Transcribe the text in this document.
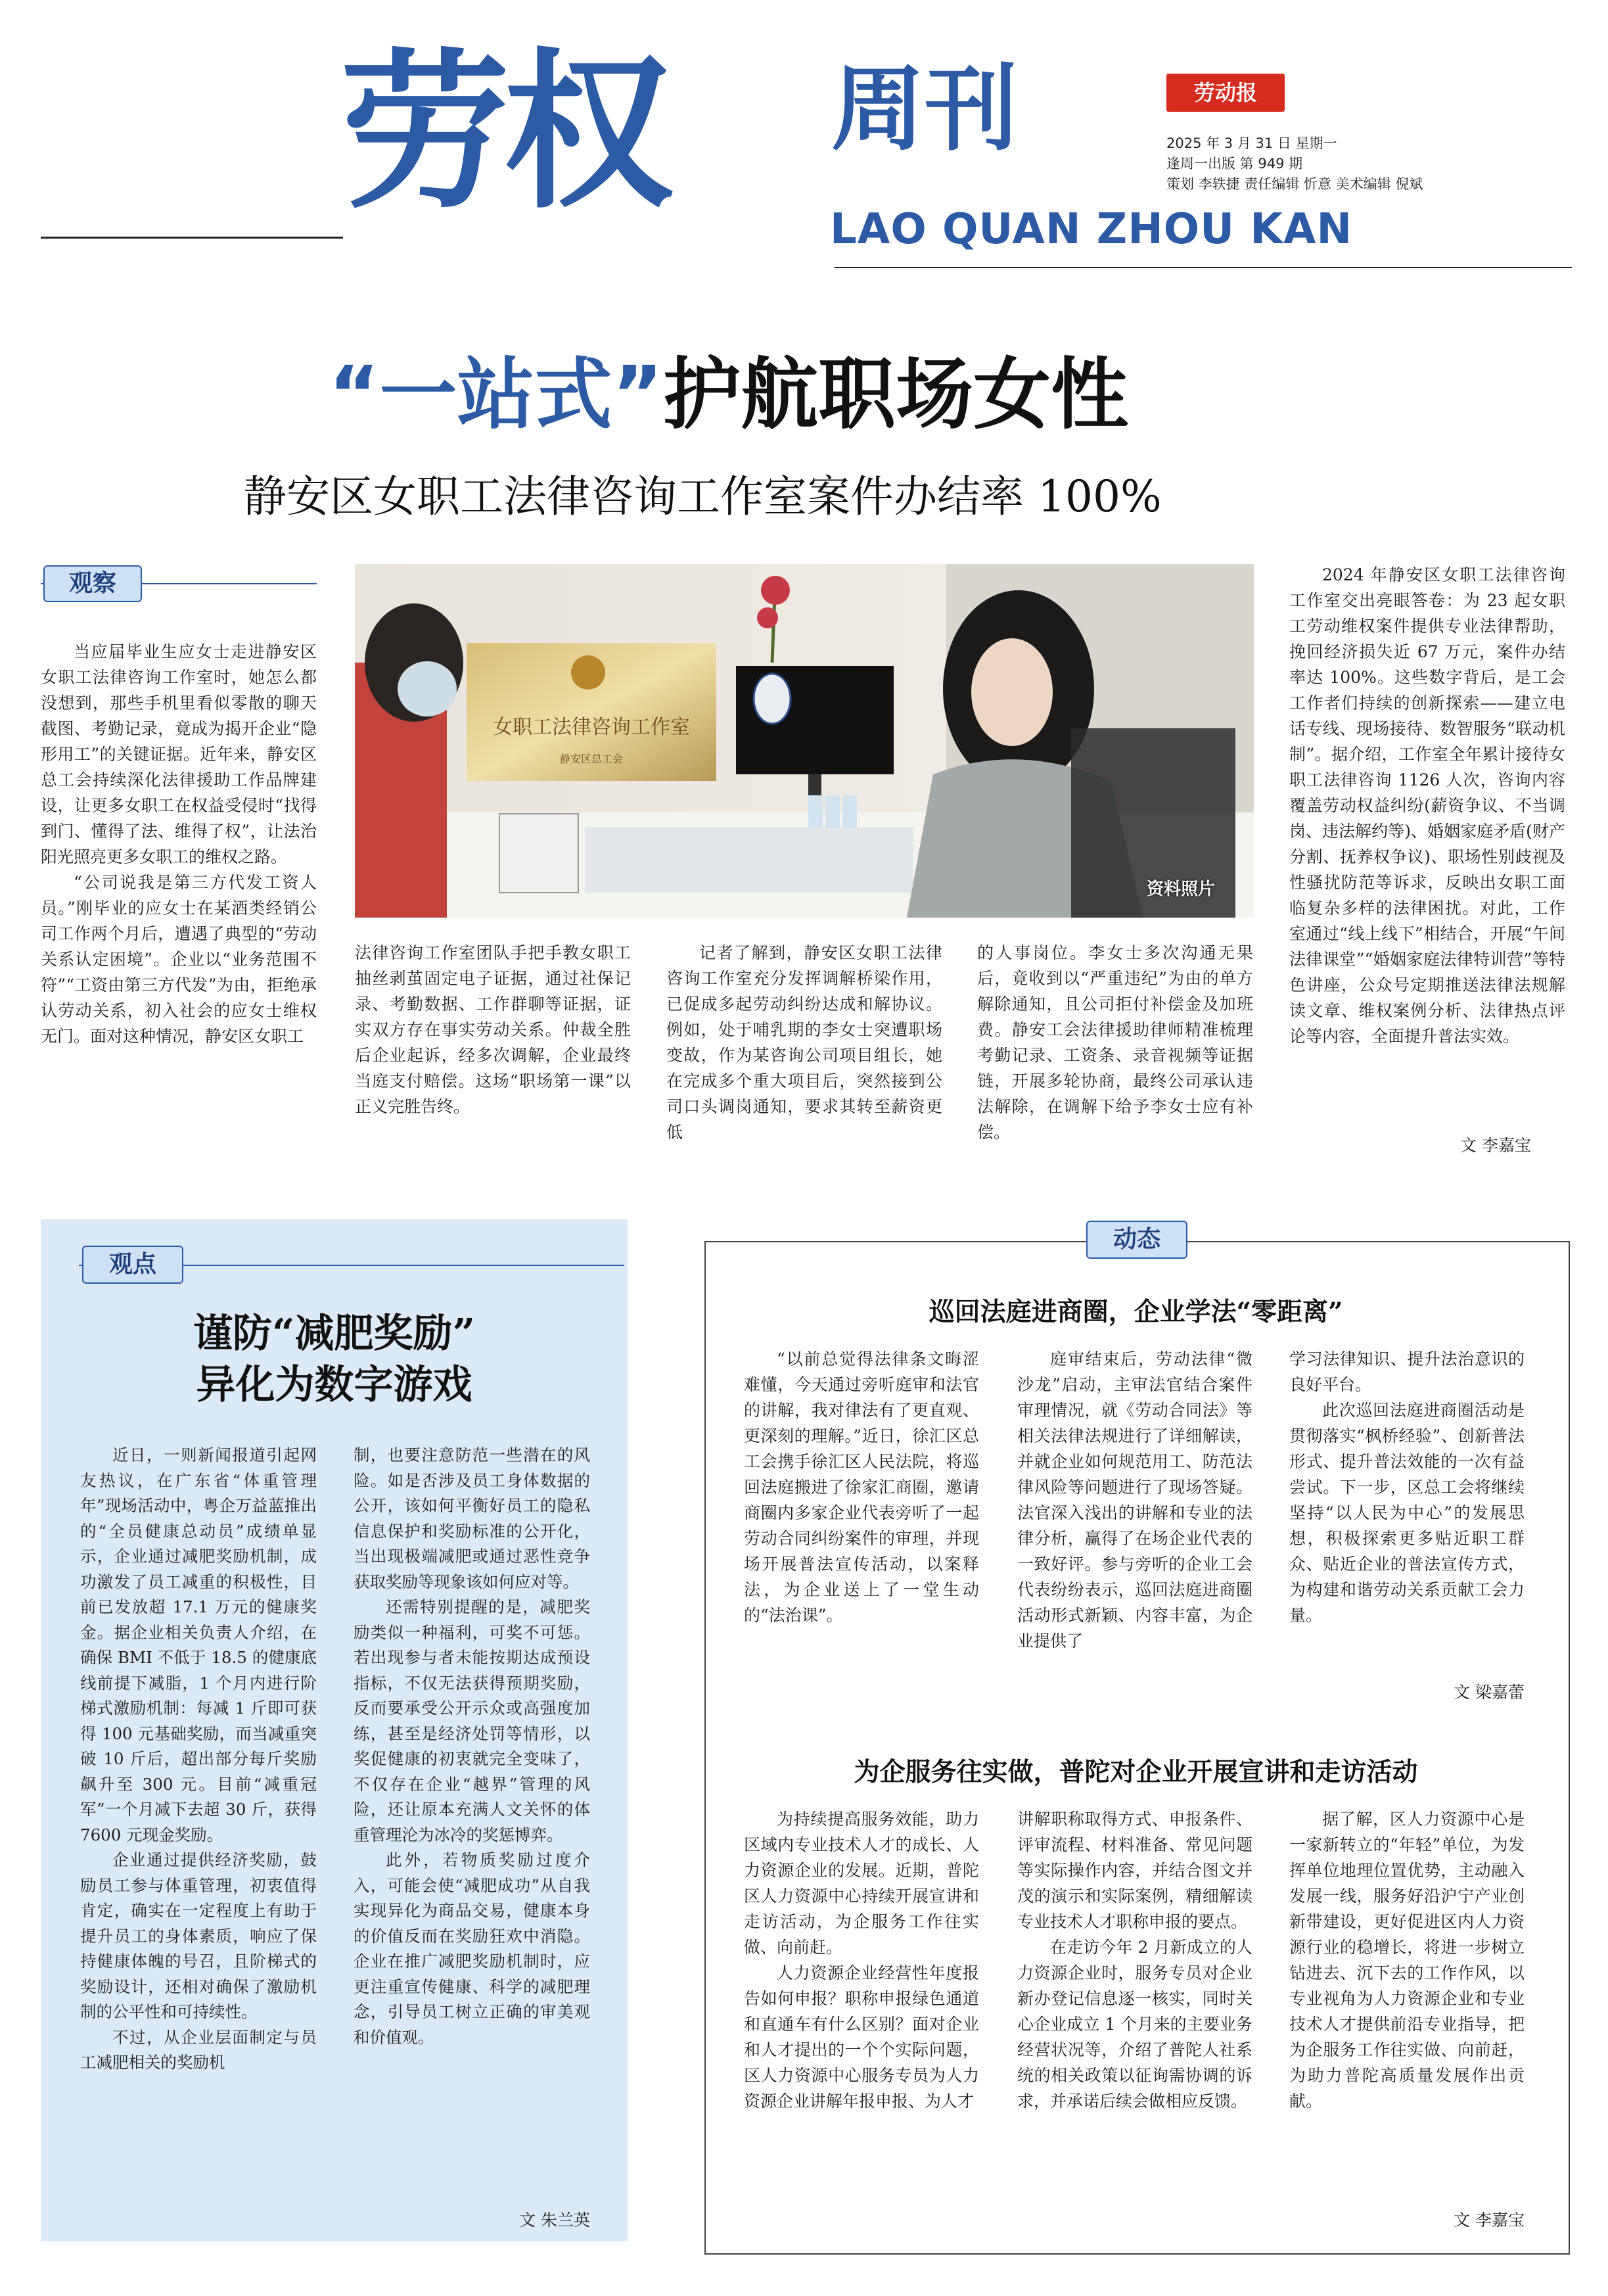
劳权	周刊
LAO QUAN ZHOU KAN
劳动报
2025 年 3 月 31 日 星期一
逢周一出版 第 949 期
策划 李轶捷 责任编辑 忻意 美术编辑 倪斌
“一站式”护航职场女性
静安区女职工法律咨询工作室案件办结率 100%
观察
女职工法律咨询工作室
静安区总工会
资料照片

当应届毕业生应女士走进静安区女职工法律咨询工作室时，她怎么都没想到，那些手机里看似零散的聊天截图、考勤记录，竟成为揭开企业“隐形用工”的关键证据。近年来，静安区总工会持续深化法律援助工作品牌建设，让更多女职工在权益受侵时“找得到门、懂得了法、维得了权”，让法治阳光照亮更多女职工的维权之路。

“公司说我是第三方代发工资人员。”刚毕业的应女士在某酒类经销公司工作两个月后，遭遇了典型的“劳动关系认定困境”。企业以“业务范围不符”“工资由第三方代发”为由，拒绝承认劳动关系，初入社会的应女士维权无门。面对这种情况，静安区女职工

法律咨询工作室团队手把手教女职工抽丝剥茧固定电子证据，通过社保记录、考勤数据、工作群聊等证据，证实双方存在事实劳动关系。仲裁全胜后企业起诉，经多次调解，企业最终当庭支付赔偿。这场“职场第一课”以正义完胜告终。

记者了解到，静安区女职工法律咨询工作室充分发挥调解桥梁作用，已促成多起劳动纠纷达成和解协议。例如，处于哺乳期的李女士突遭职场变故，作为某咨询公司项目组长，她在完成多个重大项目后，突然接到公司口头调岗通知，要求其转至薪资更低

的人事岗位。李女士多次沟通无果后，竟收到以“严重违纪”为由的单方解除通知，且公司拒付补偿金及加班费。静安工会法律援助律师精准梳理考勤记录、工资条、录音视频等证据链，开展多轮协商，最终公司承认违法解除，在调解下给予李女士应有补偿。

2024 年静安区女职工法律咨询工作室交出亮眼答卷：为 23 起女职工劳动维权案件提供专业法律帮助，挽回经济损失近 67 万元，案件办结率达 100%。这些数字背后，是工会工作者们持续的创新探索——建立电话专线、现场接待、数智服务“联动机制”。据介绍，工作室全年累计接待女职工法律咨询 1126 人次，咨询内容覆盖劳动权益纠纷(薪资争议、不当调岗、违法解约等)、婚姻家庭矛盾(财产分割、抚养权争议)、职场性别歧视及性骚扰防范等诉求，反映出女职工面临复杂多样的法律困扰。对此，工作室通过“线上线下”相结合，开展“午间法律课堂”“婚姻家庭法律特训营”等特色讲座，公众号定期推送法律法规解读文章、维权案例分析、法律热点评论等内容，全面提升普法实效。

文 李嘉宝
观点
谨防“减肥奖励”
异化为数字游戏

近日，一则新闻报道引起网友热议，在广东省“体重管理年”现场活动中，粤企万益蓝推出的“全员健康总动员”成绩单显示，企业通过减肥奖励机制，成功激发了员工减重的积极性，目前已发放超 17.1 万元的健康奖金。据企业相关负责人介绍，在确保 BMI 不低于 18.5 的健康底线前提下减脂，1 个月内进行阶梯式激励机制：每减 1 斤即可获得 100 元基础奖励，而当减重突破 10 斤后，超出部分每斤奖励飙升至 300 元。目前“减重冠军”一个月减下去超 30 斤，获得 7600 元现金奖励。

企业通过提供经济奖励，鼓励员工参与体重管理，初衷值得肯定，确实在一定程度上有助于提升员工的身体素质，响应了保持健康体魄的号召，且阶梯式的奖励设计，还相对确保了激励机制的公平性和可持续性。

不过，从企业层面制定与员工减肥相关的奖励机

制，也要注意防范一些潜在的风险。如是否涉及员工身体数据的公开，该如何平衡好员工的隐私信息保护和奖励标准的公开化，当出现极端减肥或通过恶性竞争获取奖励等现象该如何应对等。

还需特别提醒的是，减肥奖励类似一种福利，可奖不可惩。若出现参与者未能按期达成预设指标，不仅无法获得预期奖励，反而要承受公开示众或高强度加练，甚至是经济处罚等情形，以奖促健康的初衷就完全变味了，不仅存在企业“越界”管理的风险，还让原本充满人文关怀的体重管理沦为冰冷的奖惩博弈。

此外，若物质奖励过度介入，可能会使“减肥成功”从自我实现异化为商品交易，健康本身的价值反而在奖励狂欢中消隐。企业在推广减肥奖励机制时，应更注重宣传健康、科学的减肥理念，引导员工树立正确的审美观和价值观。

文 朱兰英
动态
巡回法庭进商圈，企业学法“零距离”

“以前总觉得法律条文晦涩难懂，今天通过旁听庭审和法官的讲解，我对律法有了更直观、更深刻的理解。”近日，徐汇区总工会携手徐汇区人民法院，将巡回法庭搬进了徐家汇商圈，邀请商圈内多家企业代表旁听了一起劳动合同纠纷案件的审理，并现场开展普法宣传活动，以案释法，为企业送上了一堂生动的“法治课”。

庭审结束后，劳动法律“微沙龙”启动，主审法官结合案件审理情况，就《劳动合同法》等相关法律法规进行了详细解读，并就企业如何规范用工、防范法律风险等问题进行了现场答疑。法官深入浅出的讲解和专业的法律分析，赢得了在场企业代表的一致好评。参与旁听的企业工会代表纷纷表示，巡回法庭进商圈活动形式新颖、内容丰富，为企业提供了

学习法律知识、提升法治意识的良好平台。

此次巡回法庭进商圈活动是贯彻落实“枫桥经验”、创新普法形式、提升普法效能的一次有益尝试。下一步，区总工会将继续坚持“以人民为中心”的发展思想，积极探索更多贴近职工群众、贴近企业的普法宣传方式，为构建和谐劳动关系贡献工会力量。

文 梁嘉蕾
为企服务往实做，普陀对企业开展宣讲和走访活动

为持续提高服务效能，助力区域内专业技术人才的成长、人力资源企业的发展。近期，普陀区人力资源中心持续开展宣讲和走访活动，为企服务工作往实做、向前赶。

人力资源企业经营性年度报告如何申报？职称申报绿色通道和直通车有什么区别？面对企业和人才提出的一个个实际问题，区人力资源中心服务专员为人力资源企业讲解年报申报、为人才

讲解职称取得方式、申报条件、评审流程、材料准备、常见问题等实际操作内容，并结合图文并茂的演示和实际案例，精细解读专业技术人才职称申报的要点。

在走访今年 2 月新成立的人力资源企业时，服务专员对企业新办登记信息逐一核实，同时关心企业成立 1 个月来的主要业务经营状况等，介绍了普陀人社系统的相关政策以征询需协调的诉求，并承诺后续会做相应反馈。

据了解，区人力资源中心是一家新转立的“年轻”单位，为发挥单位地理位置优势，主动融入发展一线，服务好沿沪宁产业创新带建设，更好促进区内人力资源行业的稳增长，将进一步树立钻进去、沉下去的工作作风，以专业视角为人力资源企业和专业技术人才提供前沿专业指导，把为企服务工作往实做、向前赶，为助力普陀高质量发展作出贡献。

文 李嘉宝
